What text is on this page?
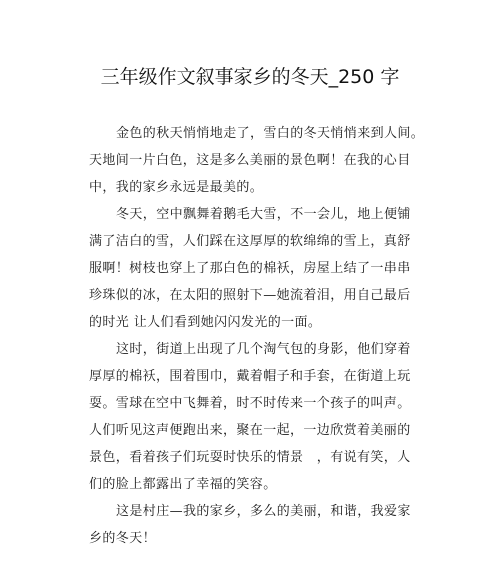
三年级作文叙事家乡的冬天_250 字
金色的秋天悄悄地走了，雪白的冬天悄悄来到人间。
天地间一片白色，这是多么美丽的景色啊！在我的心目
中，我的家乡永远是最美的。
冬天，空中飘舞着鹅毛大雪，不一会儿，地上便铺
满了洁白的雪，人们踩在这厚厚的软绵绵的雪上，真舒
服啊！树枝也穿上了那白色的棉袄，房屋上结了一串串
珍珠似的冰，在太阳的照射下—她流着泪，用自己最后
的时光 让人们看到她闪闪发光的一面。
这时，街道上出现了几个淘气包的身影，他们穿着
厚厚的棉袄，围着围巾，戴着帽子和手套，在街道上玩
耍。雪球在空中飞舞着，时不时传来一个孩子的叫声。
人们听见这声便跑出来，聚在一起，一边欣赏着美丽的
景色，看着孩子们玩耍时快乐的情景　，有说有笑，人
们的脸上都露出了幸福的笑容。
这是村庄—我的家乡，多么的美丽，和谐，我爱家
乡的冬天！
